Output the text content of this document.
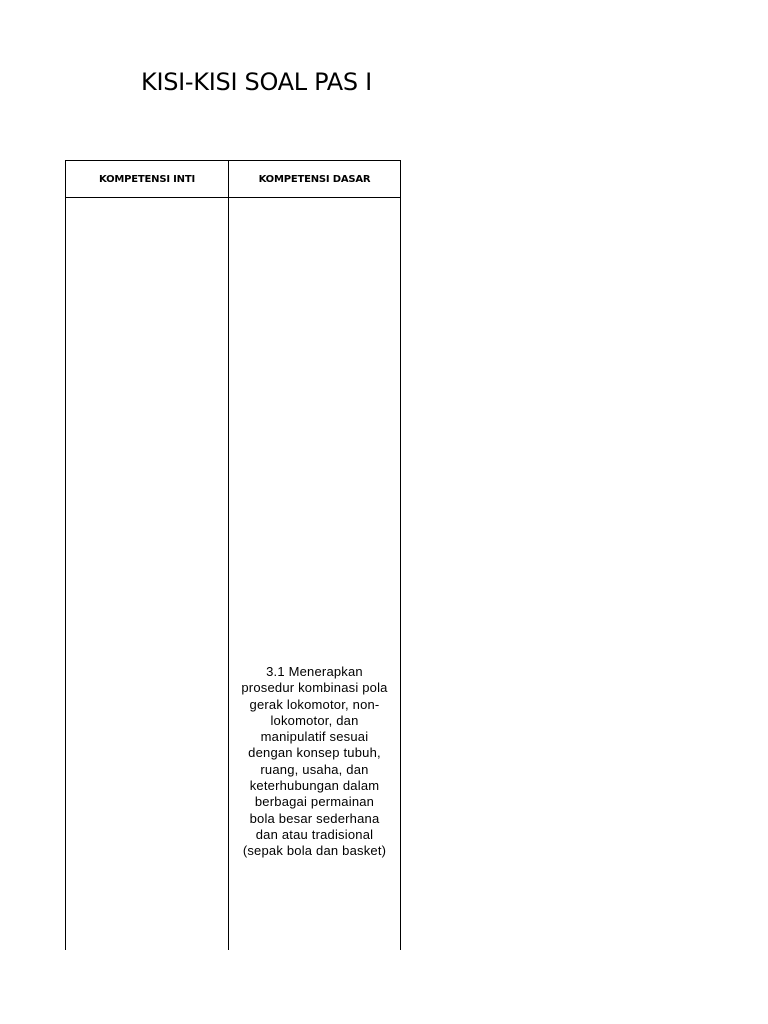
KISI-KISI SOAL PAS I
KOMPETENSI INTI	KOMPETENSI DASAR
3.1 Menerapkan
prosedur kombinasi pola
gerak lokomotor, non-
lokomotor, dan
manipulatif sesuai
dengan konsep tubuh,
ruang, usaha, dan
keterhubungan dalam
berbagai permainan
bola besar sederhana
dan atau tradisional
(sepak bola dan basket)
